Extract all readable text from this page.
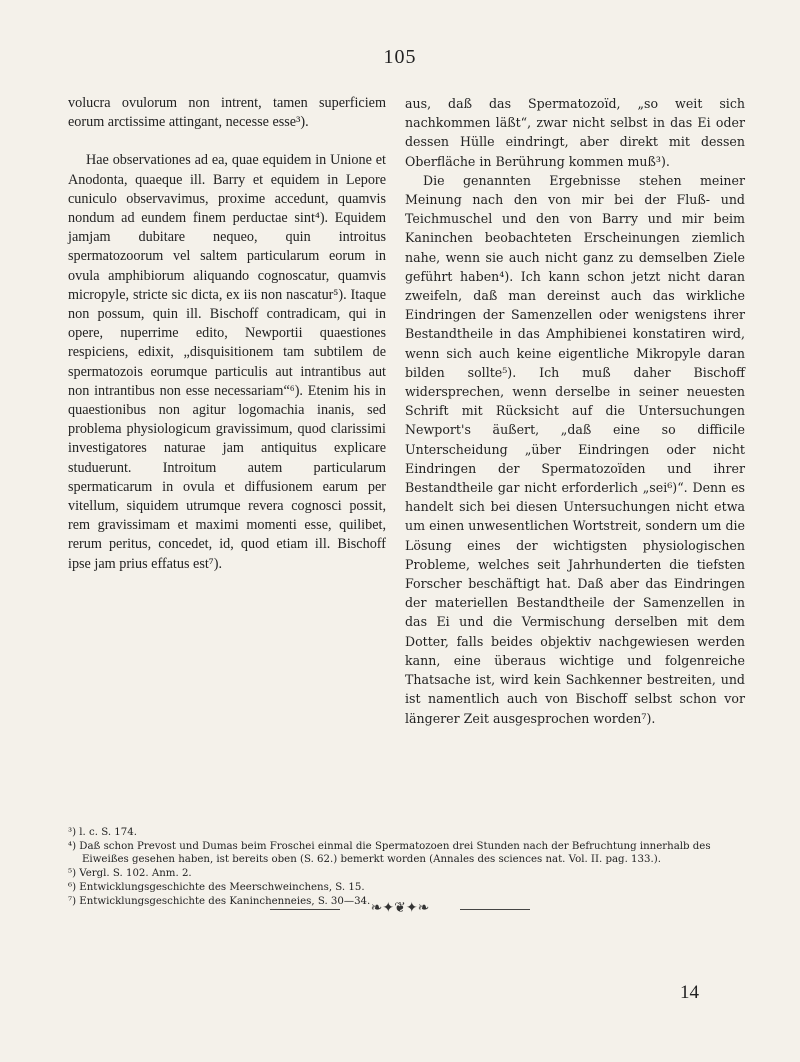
105

volucra ovulorum non intrent, tamen superficiem eorum arctissime attingant, necesse esse³).

Hae observationes ad ea, quae equidem in Unione et Anodonta, quaeque ill. Barry et equidem in Lepore cuniculo observavimus, proxime accedunt, quamvis nondum ad eundem finem perductae sint⁴). Equidem jamjam dubitare nequeo, quin introitus spermatozoorum vel saltem particularum eorum in ovula amphibiorum aliquando cognoscatur, quamvis micropyle, stricte sic dicta, ex iis non nascatur⁵). Itaque non possum, quin ill. Bischoff contradicam, qui in opere, nuperrime edito, Newportii quaestiones respiciens, edixit, „disquisitionem tam subtilem de spermatozois eorumque particulis aut intrantibus aut non intrantibus non esse necessariam“⁶). Etenim his in quaestionibus non agitur logomachia inanis, sed problema physiologicum gravissimum, quod clarissimi investigatores naturae jam antiquitus explicare studuerunt. Introitum autem particularum spermaticarum in ovula et diffusionem earum per vitellum, siquidem utrumque revera cognosci possit, rem gravissimam et maximi momenti esse, quilibet, rerum peritus, concedet, id, quod etiam ill. Bischoff ipse jam prius effatus est⁷).

aus, daß das Spermatozoïd, „so weit sich nachkommen läßt“, zwar nicht selbst in das Ei oder dessen Hülle eindringt, aber direkt mit dessen Oberfläche in Berührung kommen muß³).

Die genannten Ergebnisse stehen meiner Meinung nach den von mir bei der Fluß- und Teichmuschel und den von Barry und mir beim Kaninchen beobachteten Erscheinungen ziemlich nahe, wenn sie auch nicht ganz zu demselben Ziele geführt haben⁴). Ich kann schon jetzt nicht daran zweifeln, daß man dereinst auch das wirkliche Eindringen der Samenzellen oder wenigstens ihrer Bestandtheile in das Amphibienei konstatiren wird, wenn sich auch keine eigentliche Mikropyle daran bilden sollte⁵). Ich muß daher Bischoff widersprechen, wenn derselbe in seiner neuesten Schrift mit Rücksicht auf die Untersuchungen Newport's äußert, „daß eine so difficile Unterscheidung „über Eindringen oder nicht Eindringen der Spermatozoïden und ihrer Bestandtheile gar nicht erforderlich „sei⁶)“. Denn es handelt sich bei diesen Untersuchungen nicht etwa um einen unwesentlichen Wortstreit, sondern um die Lösung eines der wichtigsten physiologischen Probleme, welches seit Jahrhunderten die tiefsten Forscher beschäftigt hat. Daß aber das Eindringen der materiellen Bestandtheile der Samenzellen in das Ei und die Vermischung derselben mit dem Dotter, falls beides objektiv nachgewiesen werden kann, eine überaus wichtige und folgenreiche Thatsache ist, wird kein Sachkenner bestreiten, und ist namentlich auch von Bischoff selbst schon vor längerer Zeit ausgesprochen worden⁷).

³) l. c. S. 174.

⁴) Daß schon Prevost und Dumas beim Froschei einmal die Spermatozoen drei Stunden nach der Befruchtung innerhalb des Eiweißes gesehen haben, ist bereits oben (S. 62.) bemerkt worden (Annales des sciences nat. Vol. II. pag. 133.).

⁵) Vergl. S. 102. Anm. 2.

⁶) Entwicklungsgeschichte des Meerschweinchens, S. 15.

⁷) Entwicklungsgeschichte des Kaninchenneies, S. 30—34. ❧✦❦✦❧
14
